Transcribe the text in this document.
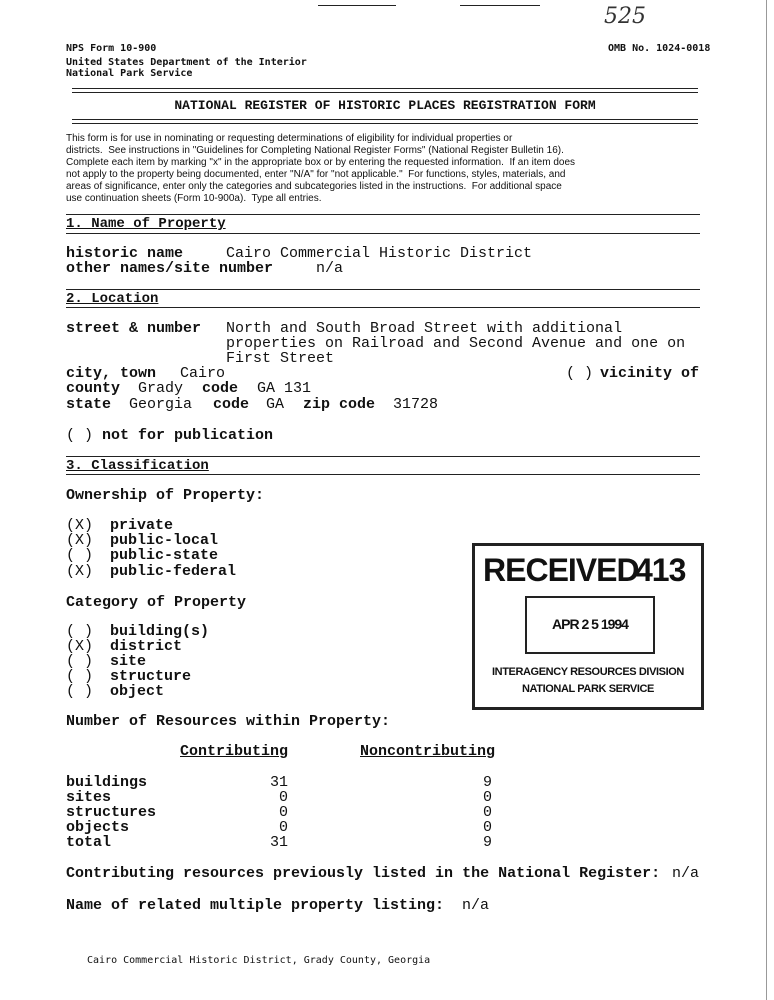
525
NPS Form 10-900	OMB No. 1024-0018
United States Department of the Interior
National Park Service
NATIONAL REGISTER OF HISTORIC PLACES REGISTRATION FORM
This form is for use in nominating or requesting determinations of eligibility for individual properties or
districts.  See instructions in "Guidelines for Completing National Register Forms" (National Register Bulletin 16).
Complete each item by marking "x" in the appropriate box or by entering the requested information.  If an item does
not apply to the property being documented, enter "N/A" for "not applicable."  For functions, styles, materials, and
areas of significance, enter only the categories and subcategories listed in the instructions.  For additional space
use continuation sheets (Form 10-900a).  Type all entries.
1. Name of Property
historic name	Cairo Commercial Historic District
other names/site number	n/a
2. Location
street & number North and South Broad Street with additional
properties on Railroad and Second Avenue and one on
First Street
city, town Cairo	( ) vicinity of
county Grady code GA 131
state Georgia code GA zip code 31728
( ) not for publication
3. Classification
Ownership of Property:
(X) private
(X) public-local
( ) public-state
(X) public-federal
Category of Property
( ) building(s)
(X) district
( ) site
( ) structure
( ) object
RECEIVED
413
APR 2 5 1994
INTERAGENCY RESOURCES DIVISION
NATIONAL PARK SERVICE
Number of Resources within Property:
Contributing	Noncontributing
buildings	31	9
sites	0	0
structures	0	0
objects	0	0
total	31	9
Contributing resources previously listed in the National Register: n/a
Name of related multiple property listing: n/a
Cairo Commercial Historic District, Grady County, Georgia
